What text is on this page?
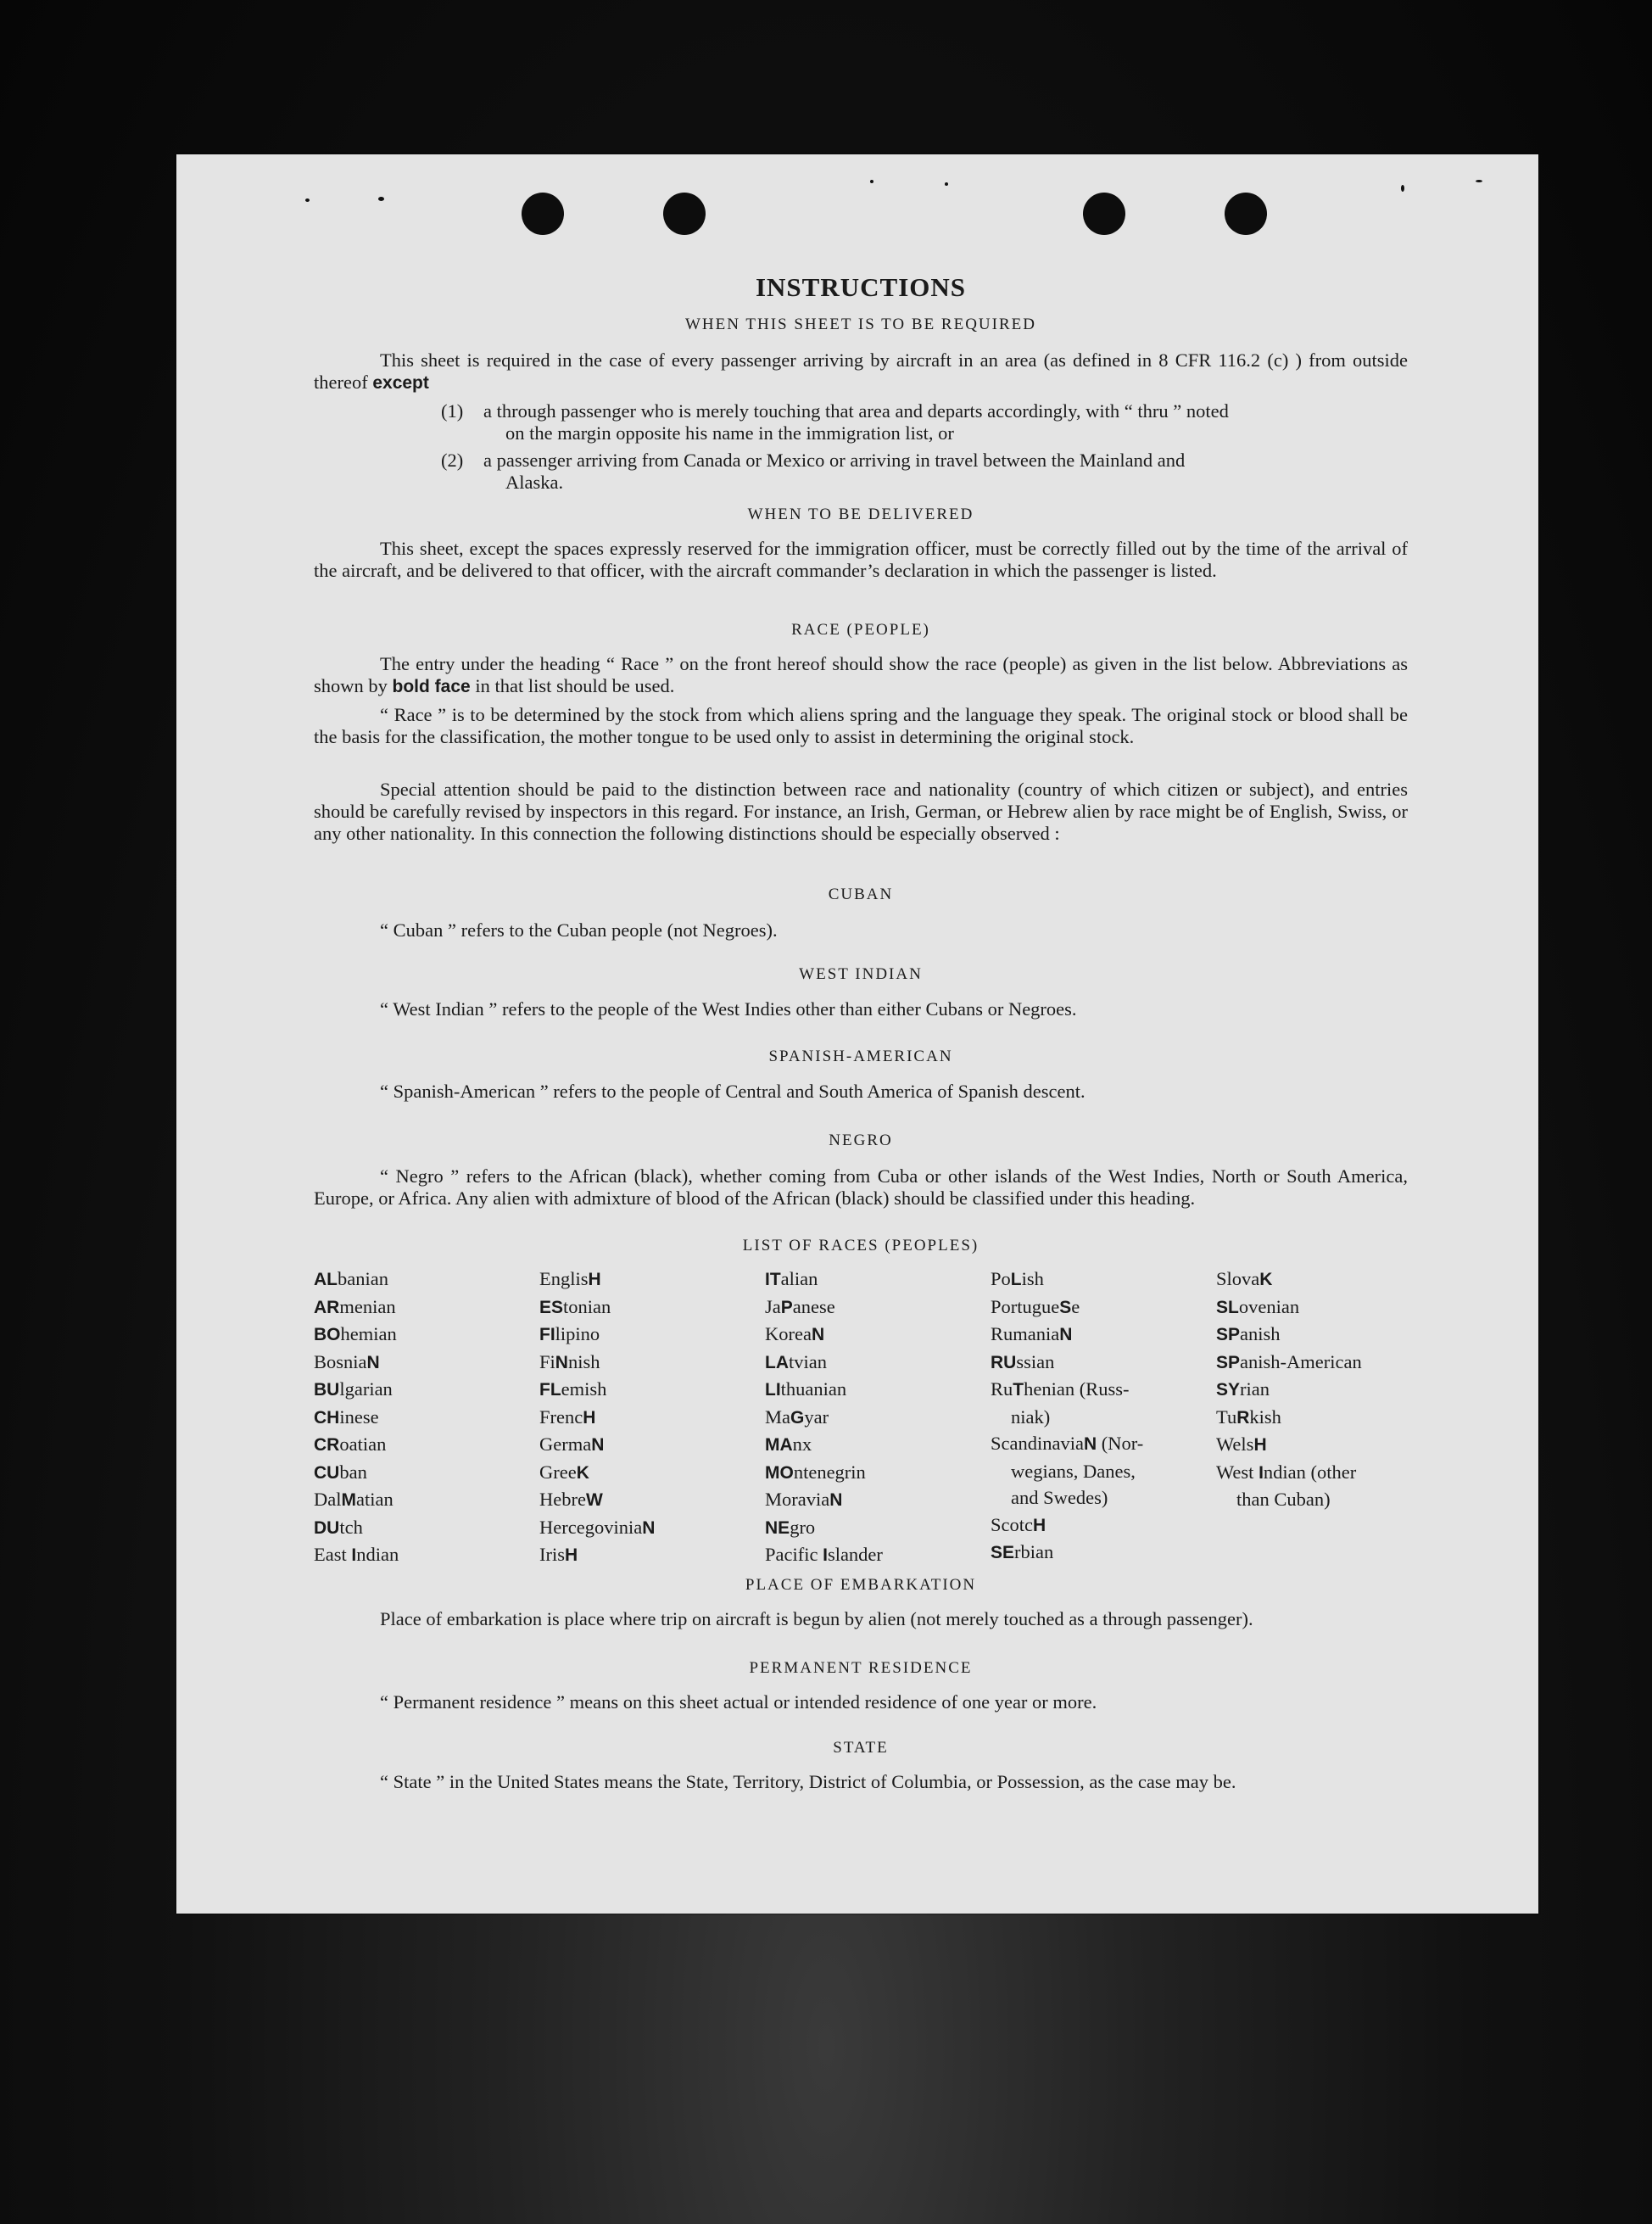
INSTRUCTIONS
WHEN THIS SHEET IS TO BE REQUIRED

This sheet is required in the case of every passenger arriving by aircraft in an area (as defined in 8 CFR 116.2 (c) ) from outside thereof except

(1) a through passenger who is merely touching that area and departs accordingly, with “ thru ” noted
on the margin opposite his name in the immigration list, or
(2) a passenger arriving from Canada or Mexico or arriving in travel between the Mainland and
Alaska.
WHEN TO BE DELIVERED

This sheet, except the spaces expressly reserved for the immigration officer, must be correctly filled out by the time of the arrival of the aircraft, and be delivered to that officer, with the aircraft commander’s declaration in which the passenger is listed.

RACE (PEOPLE)

The entry under the heading “ Race ” on the front hereof should show the race (people) as given in the list below. Abbreviations as shown by bold face in that list should be used.

“ Race ” is to be determined by the stock from which aliens spring and the language they speak. The original stock or blood shall be the basis for the classification, the mother tongue to be used only to assist in determining the original stock.

Special attention should be paid to the distinction between race and nationality (country of which citizen or subject), and entries should be carefully revised by inspectors in this regard. For instance, an Irish, German, or Hebrew alien by race might be of English, Swiss, or any other nationality. In this connection the following distinctions should be especially observed :

CUBAN

“ Cuban ” refers to the Cuban people (not Negroes).

WEST INDIAN

“ West Indian ” refers to the people of the West Indies other than either Cubans or Negroes.

SPANISH-AMERICAN

“ Spanish-American ” refers to the people of Central and South America of Spanish descent.

NEGRO

“ Negro ” refers to the African (black), whether coming from Cuba or other islands of the West Indies, North or South America, Europe, or Africa. Any alien with admixture of blood of the African (black) should be classified under this heading.

LIST OF RACES (PEOPLES)
ALbanian
ARmenian
BOhemian
BosniaN
BUlgarian
CHinese
CRoatian
CUban
DalMatian
DUtch
East Indian
EnglisH
EStonian
FIlipino
FiNnish
FLemish
FrencH
GermaN
GreeK
HebreW
HercegoviniaN
IrisH
ITalian
JaPanese
KoreaN
LAtvian
LIthuanian
MaGyar
MAnx
MOntenegrin
MoraviaN
NEgro
Pacific Islander
PoLish
PortugueSe
RumaniaN
RUssian
RuThenian (Russ-
niak)
ScandinaviaN (Nor-
wegians, Danes,
and Swedes)
ScotcH
SErbian
SlovaK
SLovenian
SPanish
SPanish-American
SYrian
TuRkish
WelsH
West Indian (other
than Cuban)
PLACE OF EMBARKATION

Place of embarkation is place where trip on aircraft is begun by alien (not merely touched as a through passenger).

PERMANENT RESIDENCE

“ Permanent residence ” means on this sheet actual or intended residence of one year or more.

STATE

“ State ” in the United States means the State, Territory, District of Columbia, or Possession, as the case may be.
